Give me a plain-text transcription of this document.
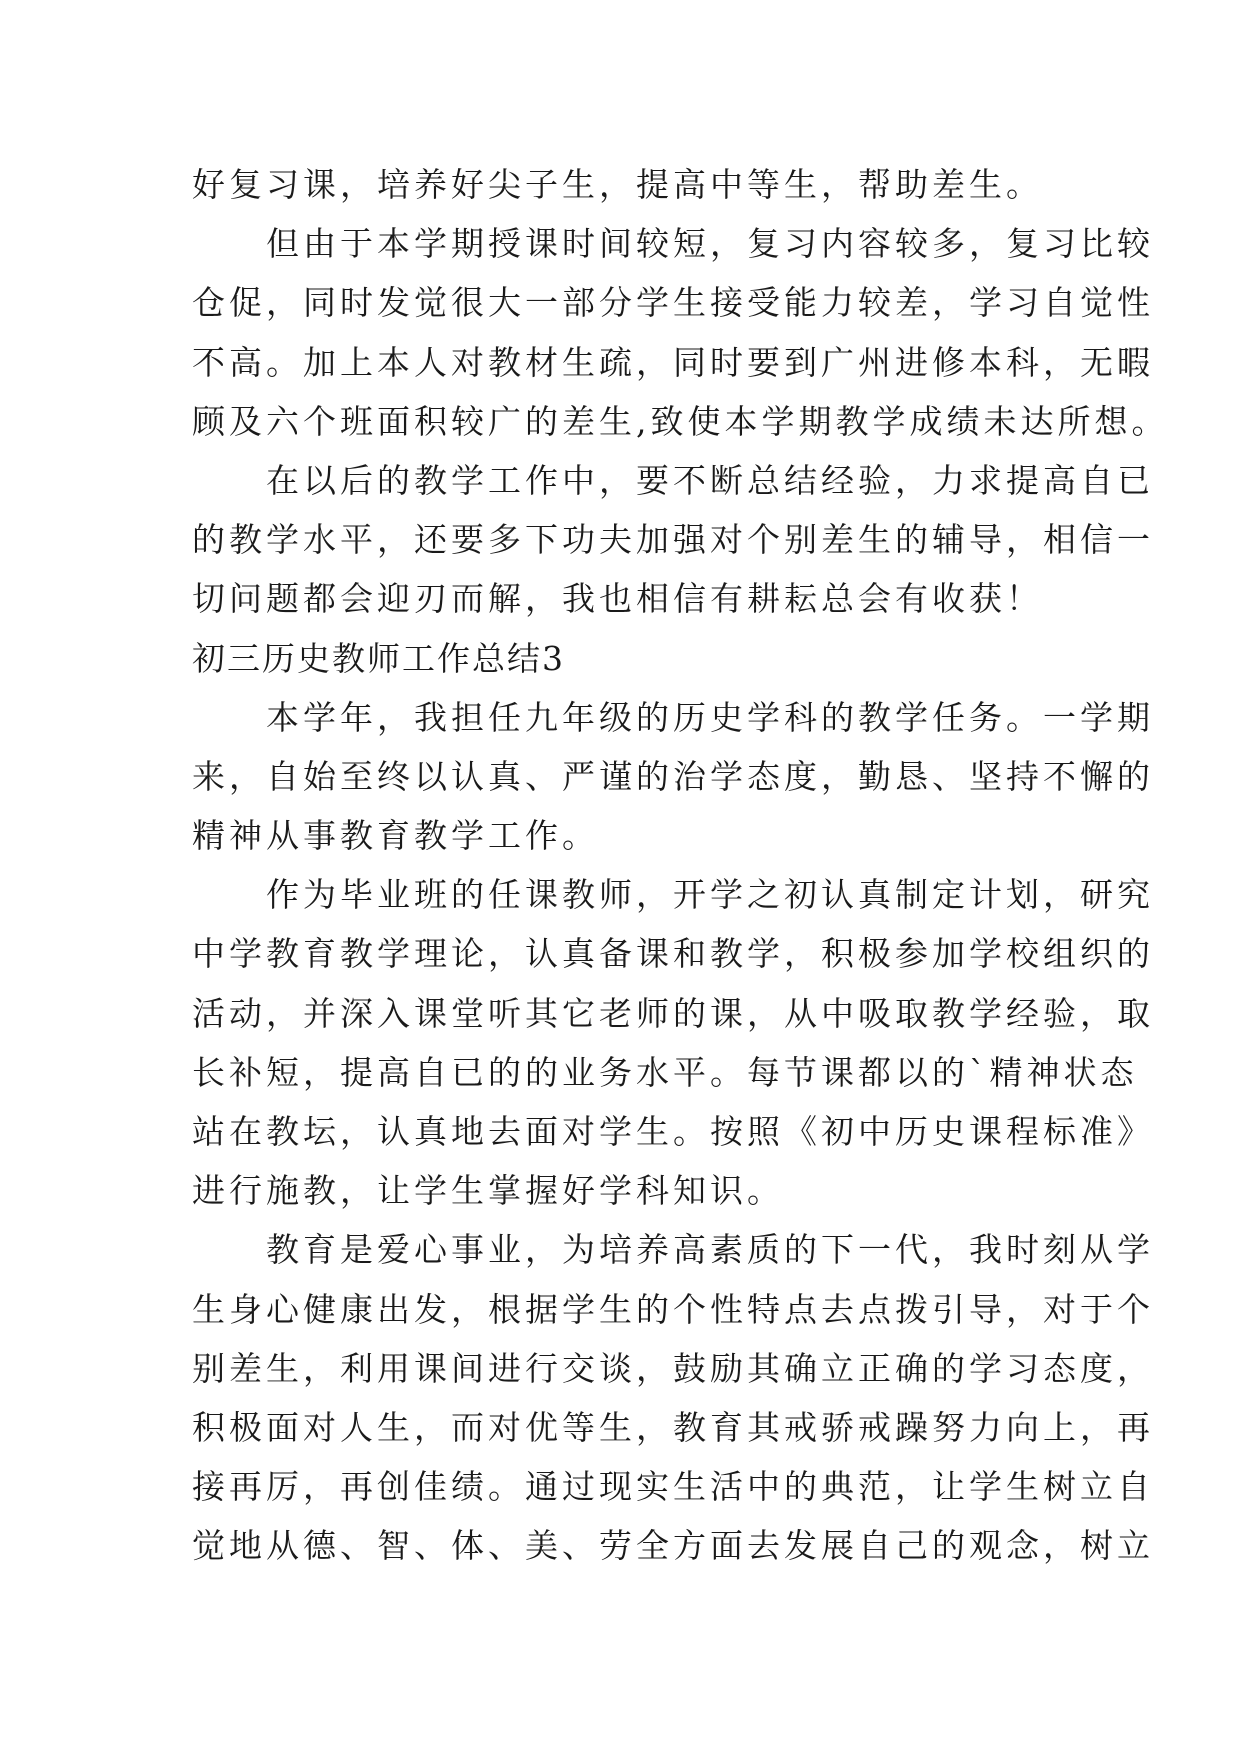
好复习课，培养好尖子生，提高中等生，帮助差生。
　　但由于本学期授课时间较短，复习内容较多，复习比较
仓促，同时发觉很大一部分学生接受能力较差，学习自觉性
不高。加上本人对教材生疏，同时要到广州进修本科，无暇
顾及六个班面积较广的差生,致使本学期教学成绩未达所想。
　　在以后的教学工作中，要不断总结经验，力求提高自已
的教学水平，还要多下功夫加强对个别差生的辅导，相信一
切问题都会迎刃而解，我也相信有耕耘总会有收获！
初三历史教师工作总结3
　　本学年，我担任九年级的历史学科的教学任务。一学期
来，自始至终以认真、严谨的治学态度，勤恳、坚持不懈的
精神从事教育教学工作。
　　作为毕业班的任课教师，开学之初认真制定计划，研究
中学教育教学理论，认真备课和教学，积极参加学校组织的
活动，并深入课堂听其它老师的课，从中吸取教学经验，取
长补短，提高自已的的业务水平。每节课都以的`精神状态
站在教坛，认真地去面对学生。按照《初中历史课程标准》
进行施教，让学生掌握好学科知识。
　　教育是爱心事业，为培养高素质的下一代，我时刻从学
生身心健康出发，根据学生的个性特点去点拨引导，对于个
别差生，利用课间进行交谈，鼓励其确立正确的学习态度，
积极面对人生，而对优等生，教育其戒骄戒躁努力向上，再
接再厉，再创佳绩。通过现实生活中的典范，让学生树立自
觉地从德、智、体、美、劳全方面去发展自己的观念，树立
